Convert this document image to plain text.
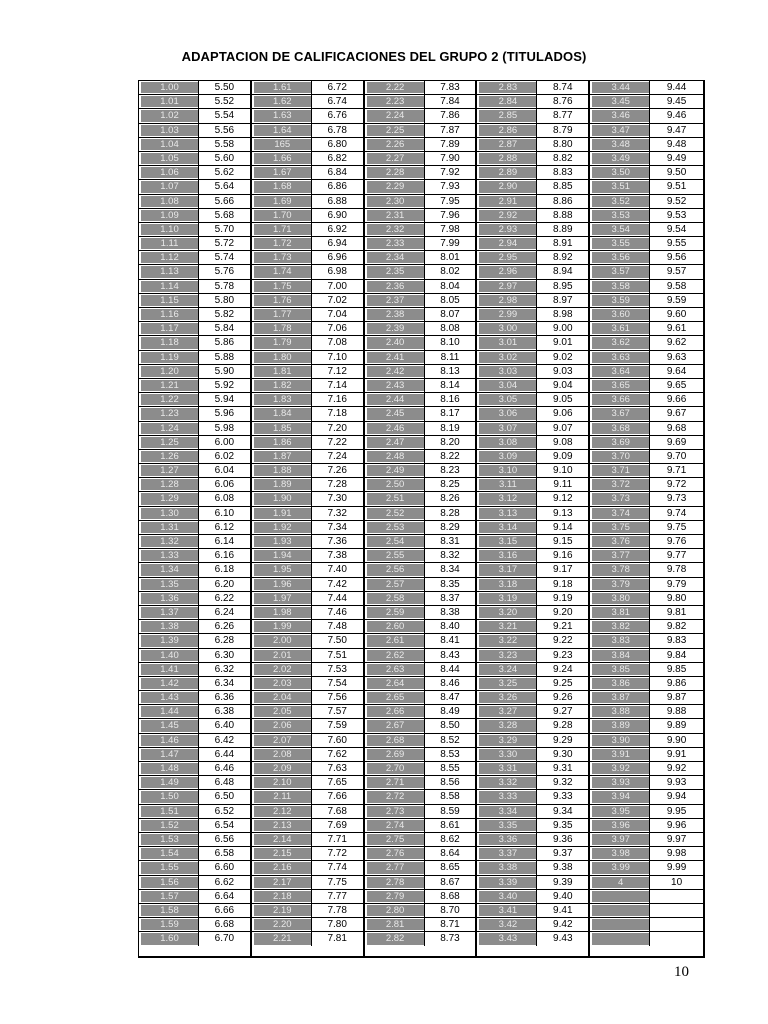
ADAPTACION DE CALIFICACIONES DEL GRUPO 2 (TITULADOS)
1.00	5.50
1.01	5.52
1.02	5.54
1.03	5.56
1.04	5.58
1.05	5.60
1.06	5.62
1.07	5.64
1.08	5.66
1.09	5.68
1.10	5.70
1.11	5.72
1.12	5.74
1.13	5.76
1.14	5.78
1.15	5.80
1.16	5.82
1.17	5.84
1.18	5.86
1.19	5.88
1.20	5.90
1.21	5.92
1.22	5.94
1.23	5.96
1.24	5.98
1.25	6.00
1.26	6.02
1.27	6.04
1.28	6.06
1.29	6.08
1.30	6.10
1.31	6.12
1.32	6.14
1.33	6.16
1.34	6.18
1.35	6.20
1.36	6.22
1.37	6.24
1.38	6.26
1.39	6.28
1.40	6.30
1.41	6.32
1.42	6.34
1.43	6.36
1.44	6.38
1.45	6.40
1.46	6.42
1.47	6.44
1.48	6.46
1.49	6.48
1.50	6.50
1.51	6.52
1.52	6.54
1.53	6.56
1.54	6.58
1.55	6.60
1.56	6.62
1.57	6.64
1.58	6.66
1.59	6.68
1.60	6.70
1.61	6.72
1.62	6.74
1.63	6.76
1.64	6.78
165	6.80
1.66	6.82
1.67	6.84
1.68	6.86
1.69	6.88
1.70	6.90
1.71	6.92
1.72	6.94
1.73	6.96
1.74	6.98
1.75	7.00
1.76	7.02
1.77	7.04
1.78	7.06
1.79	7.08
1.80	7.10
1.81	7.12
1.82	7.14
1.83	7.16
1.84	7.18
1.85	7.20
1.86	7.22
1.87	7.24
1.88	7.26
1.89	7.28
1.90	7.30
1.91	7.32
1.92	7.34
1.93	7.36
1.94	7.38
1.95	7.40
1.96	7.42
1.97	7.44
1.98	7.46
1.99	7.48
2.00	7.50
2.01	7.51
2.02	7.53
2.03	7.54
2.04	7.56
2.05	7.57
2.06	7.59
2.07	7.60
2.08	7.62
2.09	7.63
2.10	7.65
2.11	7.66
2.12	7.68
2.13	7.69
2.14	7.71
2.15	7.72
2.16	7.74
2.17	7.75
2.18	7.77
2.19	7.78
2.20	7.80
2.21	7.81
2.22	7.83
2.23	7.84
2.24	7.86
2.25	7.87
2.26	7.89
2.27	7.90
2.28	7.92
2.29	7.93
2.30	7.95
2.31	7.96
2.32	7.98
2.33	7.99
2.34	8.01
2.35	8.02
2.36	8.04
2.37	8.05
2.38	8.07
2.39	8.08
2.40	8.10
2.41	8.11
2.42	8.13
2.43	8.14
2.44	8.16
2.45	8.17
2.46	8.19
2.47	8.20
2.48	8.22
2.49	8.23
2.50	8.25
2.51	8.26
2.52	8.28
2.53	8.29
2.54	8.31
2.55	8.32
2.56	8.34
2.57	8.35
2.58	8.37
2.59	8.38
2.60	8.40
2.61	8.41
2.62	8.43
2.63	8.44
2.64	8.46
2.65	8.47
2.66	8.49
2.67	8.50
2.68	8.52
2.69	8.53
2.70	8.55
2.71	8.56
2.72	8.58
2.73	8.59
2.74	8.61
2.75	8.62
2.76	8.64
2.77	8.65
2.78	8.67
2.79	8.68
2.80	8.70
2.81	8.71
2.82	8.73
2.83	8.74
2.84	8.76
2.85	8.77
2.86	8.79
2.87	8.80
2.88	8.82
2.89	8.83
2.90	8.85
2.91	8.86
2.92	8.88
2.93	8.89
2.94	8.91
2.95	8.92
2.96	8.94
2.97	8.95
2.98	8.97
2.99	8.98
3.00	9.00
3.01	9.01
3.02	9.02
3.03	9.03
3.04	9.04
3.05	9.05
3.06	9.06
3.07	9.07
3.08	9.08
3.09	9.09
3.10	9.10
3.11	9.11
3.12	9.12
3.13	9.13
3.14	9.14
3.15	9.15
3.16	9.16
3.17	9.17
3.18	9.18
3.19	9.19
3.20	9.20
3.21	9.21
3.22	9.22
3.23	9.23
3.24	9.24
3.25	9.25
3.26	9.26
3.27	9.27
3.28	9.28
3.29	9.29
3.30	9.30
3.31	9.31
3.32	9.32
3.33	9.33
3.34	9.34
3.35	9.35
3.36	9.36
3.37	9.37
3.38	9.38
3.39	9.39
3.40	9.40
3.41	9.41
3.42	9.42
3.43	9.43
3.44	9.44
3.45	9.45
3.46	9.46
3.47	9.47
3.48	9.48
3.49	9.49
3.50	9.50
3.51	9.51
3.52	9.52
3.53	9.53
3.54	9.54
3.55	9.55
3.56	9.56
3.57	9.57
3.58	9.58
3.59	9.59
3.60	9.60
3.61	9.61
3.62	9.62
3.63	9.63
3.64	9.64
3.65	9.65
3.66	9.66
3.67	9.67
3.68	9.68
3.69	9.69
3.70	9.70
3.71	9.71
3.72	9.72
3.73	9.73
3.74	9.74
3.75	9.75
3.76	9.76
3.77	9.77
3.78	9.78
3.79	9.79
3.80	9.80
3.81	9.81
3.82	9.82
3.83	9.83
3.84	9.84
3.85	9.85
3.86	9.86
3.87	9.87
3.88	9.88
3.89	9.89
3.90	9.90
3.91	9.91
3.92	9.92
3.93	9.93
3.94	9.94
3.95	9.95
3.96	9.96
3.97	9.97
3.98	9.98
3.99	9.99
4	10
10
